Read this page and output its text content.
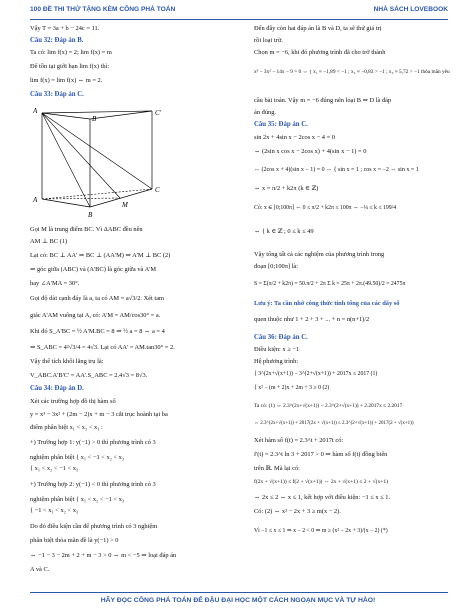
100 ĐỀ THI THỬ TẶNG KÈM CÔNG PHÁ TOÁN	NHÀ SÁCH LOVEBOOK
Vậy T = 3a + b − 24c = 11.
Câu 32: Đáp án B.
Ta có: lim f(x) = 2; lim f(x) = m
Để tồn tại giới hạn lim f(x) thì:
lim f(x) = lim f(x) ⇔ m = 2.
Câu 33: Đáp án C.
A
B
C'
A
C
B
M
Gọi M là trung điểm BC. Vì ΔABC đều nên
AM ⊥ BC (1)
Lại có: BC ⊥ AA' ⇒ BC ⊥ (AA'M) ⇒ A'M ⊥ BC (2)
⇒ góc giữa (ABC) và (A'BC) là góc giữa và A'M
hay ∠A'MA = 30°.
Gọi độ dài cạnh đáy là a, ta có AM = a√3/2. Xét tam
giác A'AM vuông tại A, có: A'M = AM/cos30° = a.
Khi đó S_A'BC = ½ A'M.BC = 8 ⇒ ½ a = 8 ⇔ a = 4
⇒ S_ABC = 4²√3/4 = 4√3. Lại có AA' = AM.tan30° = 2.
Vậy thể tích khối lăng trụ là:
V_ABC.A'B'C' = AA'.S_ABC = 2.4√3 = 8√3.
Câu 34: Đáp án D.
Xét các trường hợp đồ thị hàm số
y = x³ − 3x² + (2m − 2)x + m − 3 cắt trục hoành tại ba
điểm phân biệt x₁ < x₂ < x₃ :
+) Trường hợp 1: y(−1) > 0 thì phương trình có 3
nghiệm phân biệt { x₁ < −1 < x₂ < x₃
{ x₁ < x₂ < −1 < x₃
+) Trường hợp 2: y(−1) < 0 thì phương trình có 3
nghiệm phân biệt { x₁ < x₂ < −1 < x₃
{ −1 < x₁ < x₂ < x₃
Do đó điều kiện cần để phương trình có 3 nghiệm
phân biệt thỏa mãn đề là y(−1) > 0
⇔ −1 − 3 − 2m + 2 + m − 3 > 0 ⇔ m < −5 ⇒ loại đáp án
A và C.
Đến đây còn hai đáp án là B và D, ta sẽ thử giá trị
rồi loại trừ.
Chọn m = −6, khi đó phương trình đã cho trở thành
x³ − 3x² − 14x − 9 = 0 ⇔ { x₁ ≈ −1,89 < −1 ; x₂ ≈ −0,83 > −1 ; x₃ ≈ 5,72 > −1 thỏa mãn yêu
cầu bài toán. Vậy m = −6 đúng nên loại B ⇒ D là đáp
án đúng.
Câu 35: Đáp án C.
sin 2x + 4sin x − 2cos x − 4 = 0
⇔ (2sin x cos x − 2cos x) + 4(sin x − 1) = 0
⇔ (2cos x + 4)(sin x − 1) = 0 ⇔ { sin x = 1 ; cos x = −2 ⇔ sin x = 1
⇔ x = π/2 + k2π (k ∈ ℤ)
Có: x ∈ [0;100π] ⇔ 0 ≤ π/2 + k2π ≤ 100π ⇔ −¼ ≤ k ≤ 199/4
⇔ { k ∈ ℤ ; 0 ≤ k ≤ 49
Vậy tổng tất cả các nghiệm của phương trình trong
đoạn [0;100π] là:
S = Σ(π/2 + k2π) = 50.π/2 + 2π Σ k = 25π + 2π.(49.50)/2 = 2475π
Lưu ý: Ta cần nhớ công thức tính tổng của các dãy số
quen thuộc như 1 + 2 + 3 + ... + n = n(n+1)/2
Câu 36: Đáp án C.
Điều kiện: x ≥ −1
Hệ phương trình:
{ 3^(2x+√(x+1)) − 3^(2+√(x+1)) + 2017x ≤ 2017 (1)
{ x² − (m + 2)x + 2m + 3 ≥ 0 (2)
Ta có: (1) ⇔ 2.3^(2x+√(x+1)) − 2.3^(2+√(x+1)) + 2.2017x ≤ 2.2017
⇔ 2.3^(2x+√(x+1)) + 2017(2x + √(x+1)) ≤ 2.3^(2+√(x+1)) + 2017(2 + √(x+1))
Xét hàm số f(t) = 2.3^t + 2017t có:
f'(t) = 2.3^t ln 3 + 2017 > 0 ⇒ hàm số f(t) đồng biến
trên ℝ. Mà lại có:
f(2x + √(x+1)) ≤ f(2 + √(x+1)) ⇔ 2x + √(x+1) ≤ 2 + √(x+1)
⇔ 2x ≤ 2 ⇔ x ≤ 1, kết hợp với điều kiện: −1 ≤ x ≤ 1.
Có: (2) ⇔ x² − 2x + 3 ≥ m(x − 2).
Vì −1 ≤ x ≤ 1 ⇒ x − 2 < 0 ⇒ m ≥ (x² − 2x + 3)/(x − 2) (*)
HÃY ĐỌC CÔNG PHÁ TOÁN ĐỂ ĐẬU ĐẠI HỌC MỘT CÁCH NGOẠN MỤC VÀ TỰ HÀO!
